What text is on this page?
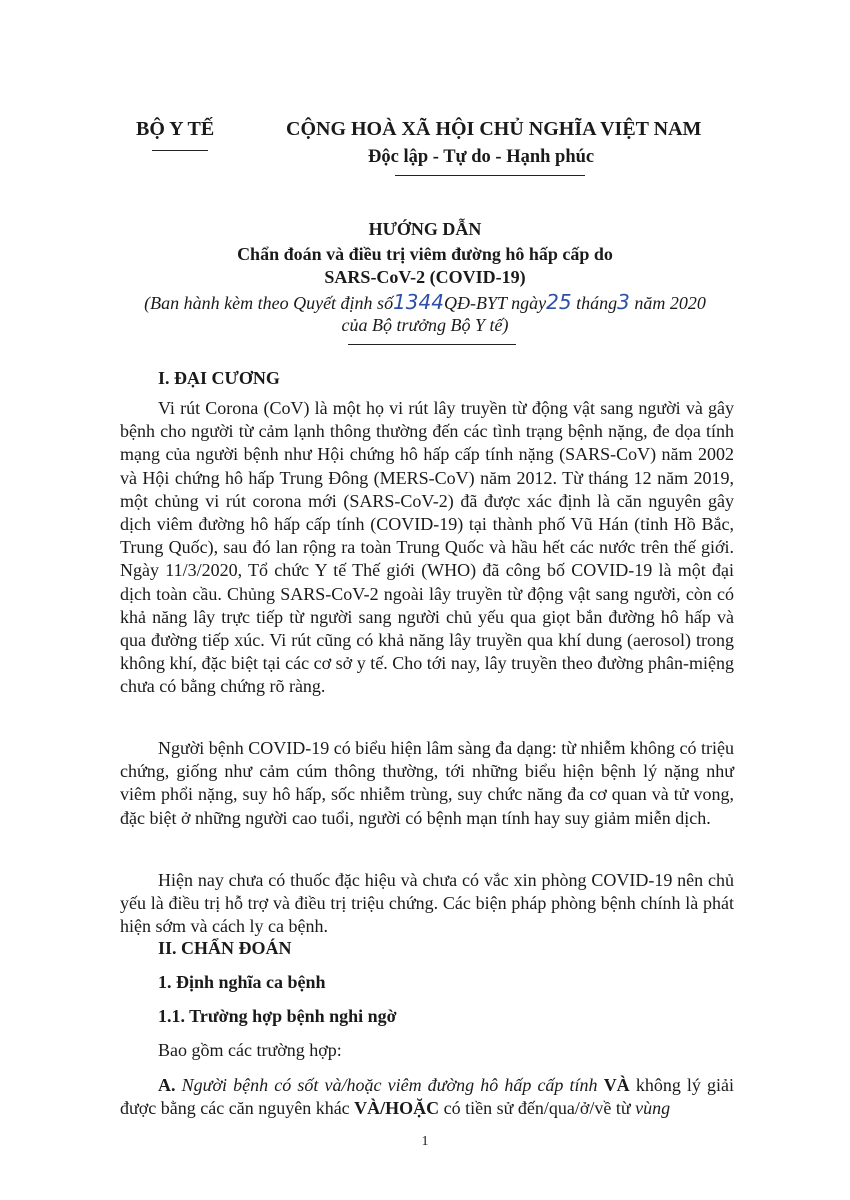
BỘ Y TẾ	CỘNG HOÀ XÃ HỘI CHỦ NGHĨA VIỆT NAM
Độc lập - Tự do - Hạnh phúc
HƯỚNG DẪN
Chẩn đoán và điều trị viêm đường hô hấp cấp do
SARS-CoV-2 (COVID-19)
(Ban hành kèm theo Quyết định số1344QĐ-BYT ngày25 tháng3 năm 2020
của Bộ trưởng Bộ Y tế)
I. ĐẠI CƯƠNG
Vi rút Corona (CoV) là một họ vi rút lây truyền từ động vật sang người và gây bệnh cho người từ cảm lạnh thông thường đến các tình trạng bệnh nặng, đe dọa tính mạng của người bệnh như Hội chứng hô hấp cấp tính nặng (SARS-CoV) năm 2002 và Hội chứng hô hấp Trung Đông (MERS-CoV) năm 2012. Từ tháng 12 năm 2019, một chủng vi rút corona mới (SARS-CoV-2) đã được xác định là căn nguyên gây dịch viêm đường hô hấp cấp tính (COVID-19) tại thành phố Vũ Hán (tỉnh Hồ Bắc, Trung Quốc), sau đó lan rộng ra toàn Trung Quốc và hầu hết các nước trên thế giới. Ngày 11/3/2020, Tổ chức Y tế Thế giới (WHO) đã công bố COVID-19 là một đại dịch toàn cầu. Chủng SARS-CoV-2 ngoài lây truyền từ động vật sang người, còn có khả năng lây trực tiếp từ người sang người chủ yếu qua giọt bắn đường hô hấp và qua đường tiếp xúc. Vi rút cũng có khả năng lây truyền qua khí dung (aerosol) trong không khí, đặc biệt tại các cơ sở y tế. Cho tới nay, lây truyền theo đường phân-miệng chưa có bằng chứng rõ ràng.
Người bệnh COVID-19 có biểu hiện lâm sàng đa dạng: từ nhiễm không có triệu chứng, giống như cảm cúm thông thường, tới những biểu hiện bệnh lý nặng như viêm phổi nặng, suy hô hấp, sốc nhiễm trùng, suy chức năng đa cơ quan và tử vong, đặc biệt ở những người cao tuổi, người có bệnh mạn tính hay suy giảm miễn dịch.
Hiện nay chưa có thuốc đặc hiệu và chưa có vắc xin phòng COVID-19 nên chủ yếu là điều trị hỗ trợ và điều trị triệu chứng. Các biện pháp phòng bệnh chính là phát hiện sớm và cách ly ca bệnh.
II. CHẨN ĐOÁN
1. Định nghĩa ca bệnh
1.1. Trường hợp bệnh nghi ngờ
Bao gồm các trường hợp:
A. Người bệnh có sốt và/hoặc viêm đường hô hấp cấp tính VÀ không lý giải được bằng các căn nguyên khác VÀ/HOẶC có tiền sử đến/qua/ở/về từ vùng
1
